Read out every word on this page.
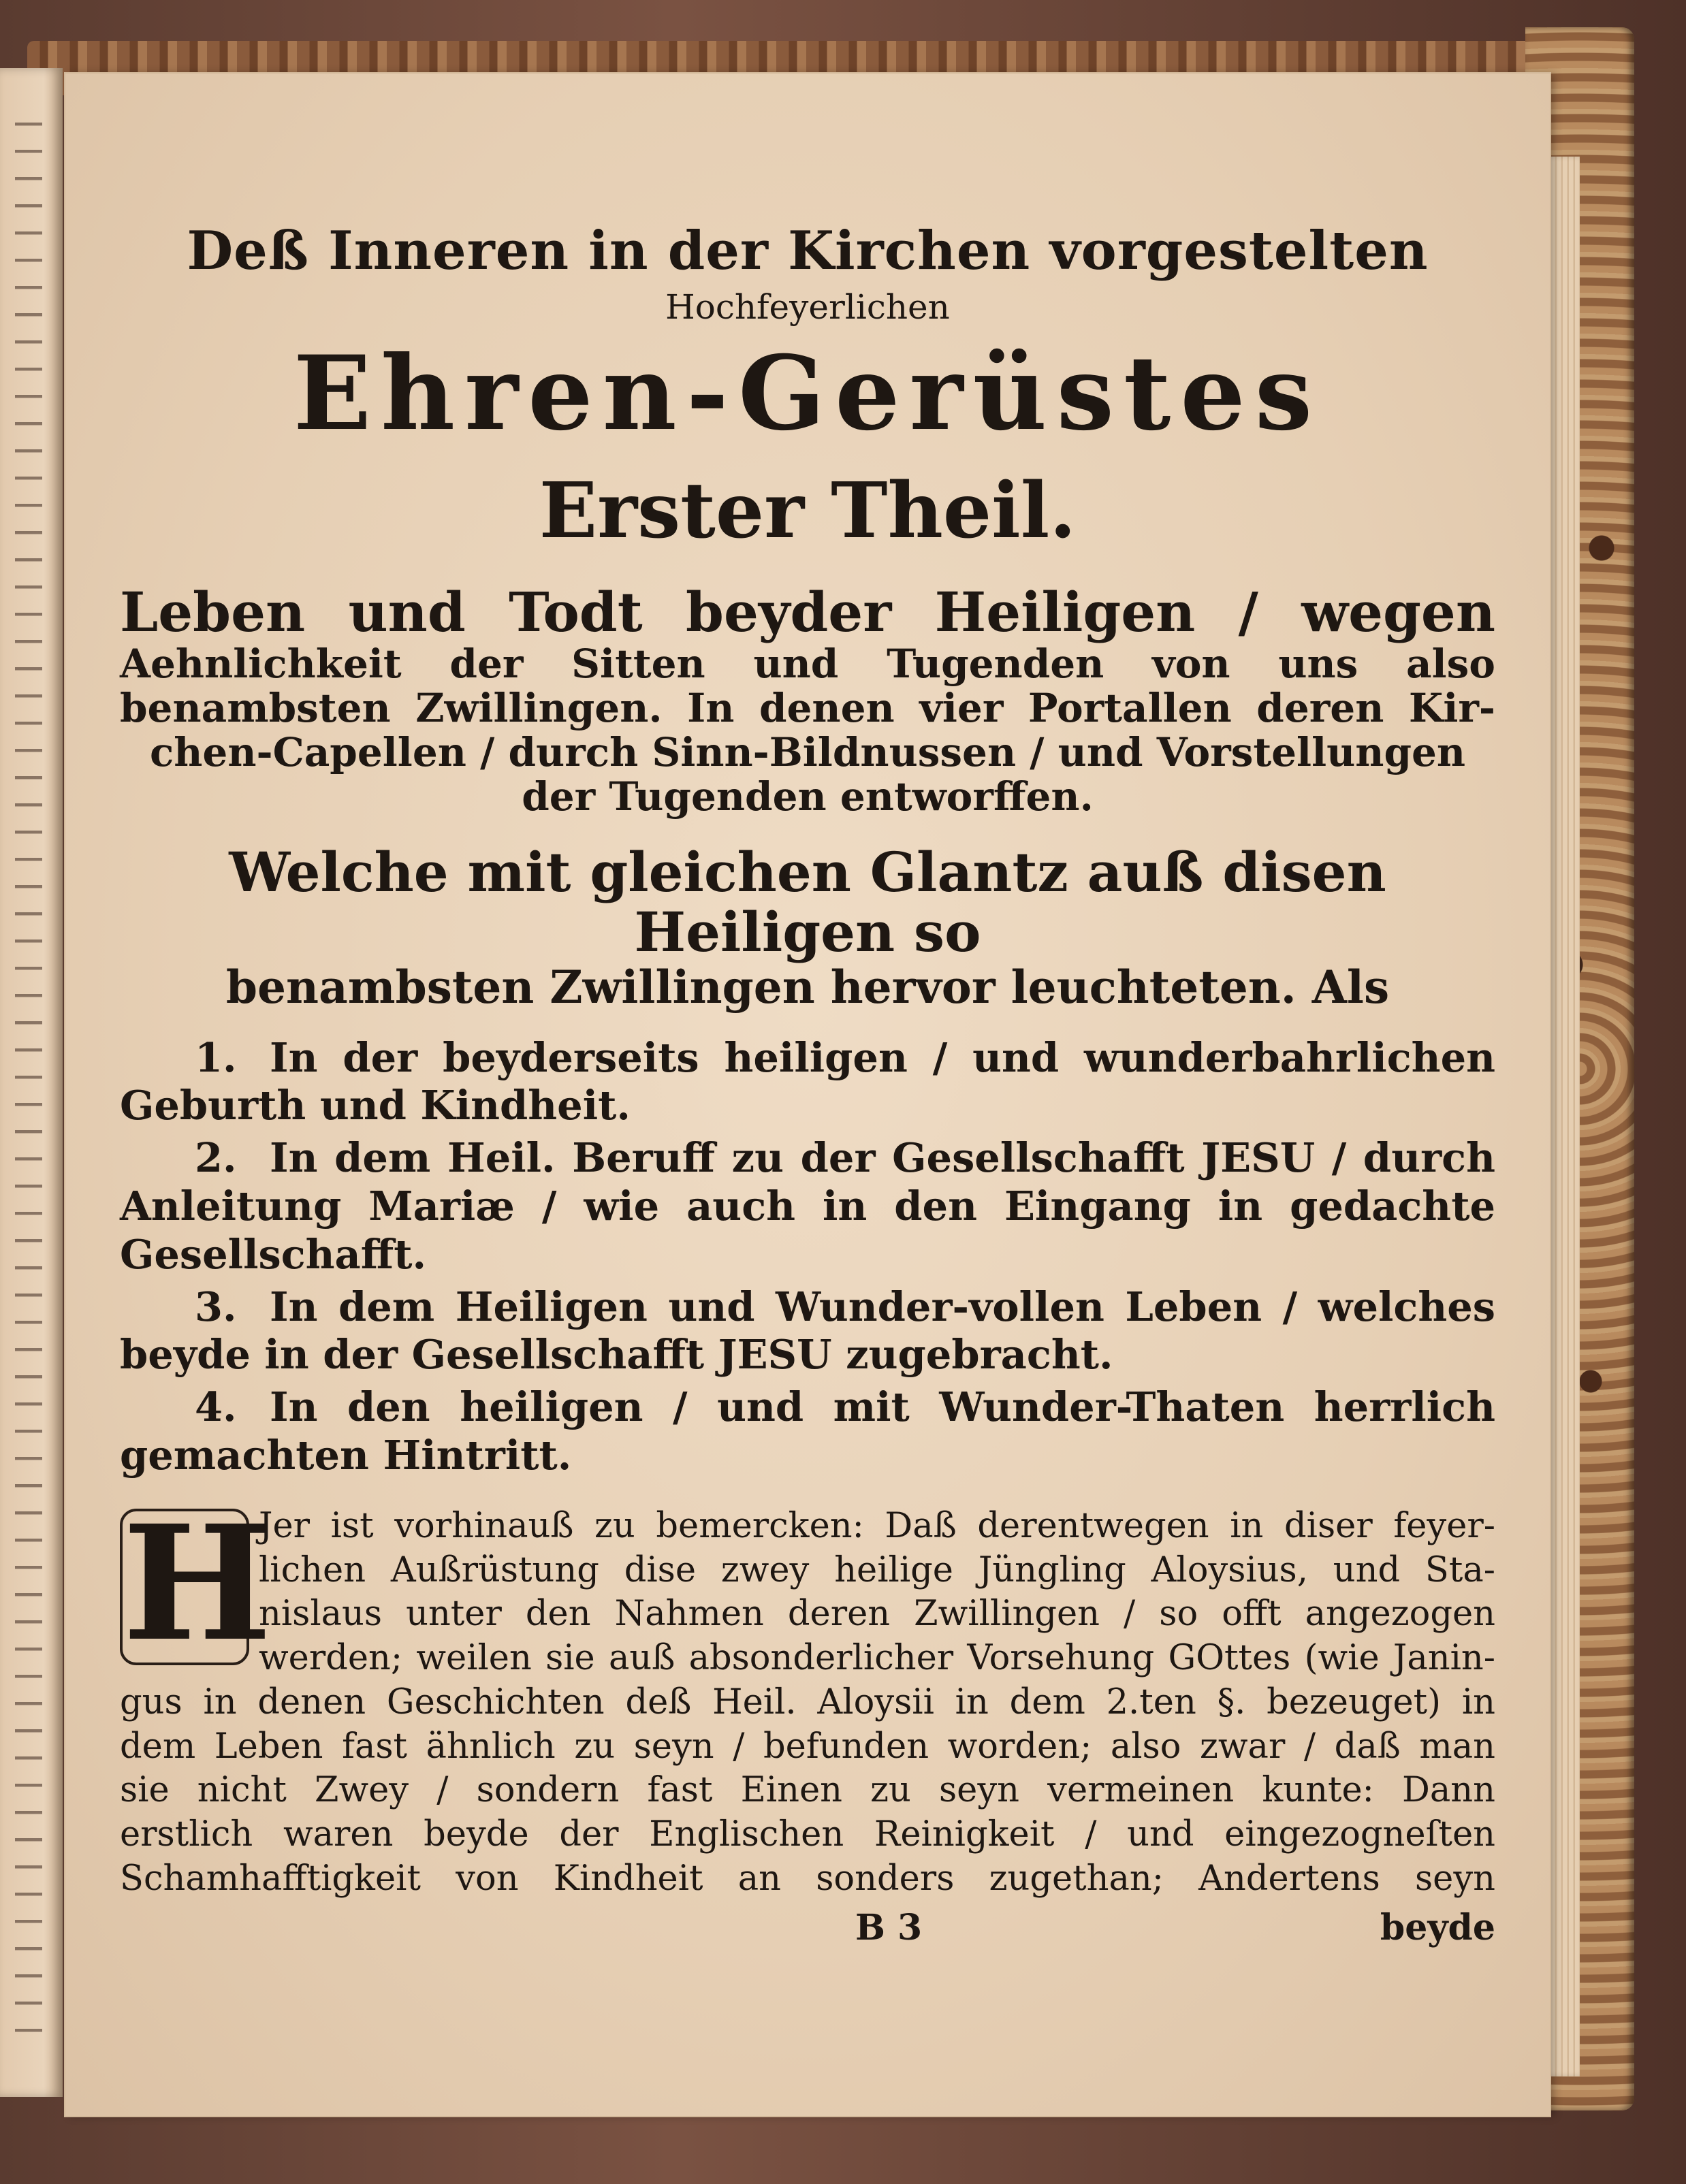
Deß Inneren in der Kirchen vorgestelten
Hochfeyerlichen
Ehren-Gerüstes
Erster Theil.
Leben und Todt beyder Heiligen / wegen
Aehnlichkeit der Sitten und Tugenden von uns also
benambsten Zwillingen. In denen vier Portallen deren Kir-
chen-Capellen / durch Sinn-Bildnussen / und Vorstellungen
der Tugenden entworffen.
Welche mit gleichen Glantz auß disen Heiligen so
benambsten Zwillingen hervor leuchteten. Als
1. In der beyderseits heiligen / und wunderbahrlichen Geburth und Kindheit.
2. In dem Heil. Beruff zu der Gesellschafft JESU / durch Anleitung Mariæ / wie auch in den Eingang in gedachte Gesellschafft.
3. In dem Heiligen und Wunder-vollen Leben / welches beyde in der Gesellschafft JESU zugebracht.
4. In den heiligen / und mit Wunder-Thaten herrlich gemachten Hintritt.
H
Jer ist vorhinauß zu bemercken: Daß derentwegen in diser feyer-
lichen Außrüstung dise zwey heilige Jüngling Aloysius, und Sta-
nislaus unter den Nahmen deren Zwillingen / so offt angezogen
werden; weilen sie auß absonderlicher Vorsehung GOttes (wie Janin-
gus in denen Geschichten deß Heil. Aloysii in dem 2.ten §. bezeuget) in
dem Leben fast ähnlich zu seyn / befunden worden; also zwar / daß man
sie nicht Zwey / sondern fast Einen zu seyn vermeinen kunte: Dann
erstlich waren beyde der Englischen Reinigkeit / und eingezogneſten
Schamhafftigkeit von Kindheit an sonders zugethan; Andertens seyn
B 3	beyde
